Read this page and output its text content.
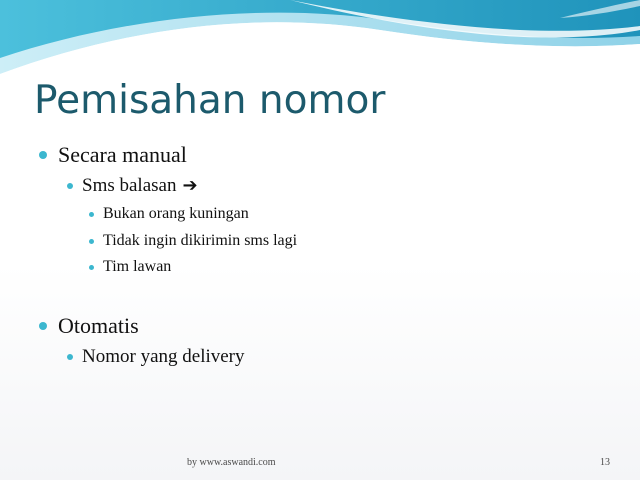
Pemisahan nomor
Secara manual
Sms balasan ➔
Bukan orang kuningan
Tidak ingin dikirimin sms lagi
Tim lawan
Otomatis
Nomor yang delivery
by www.aswandi.com	13
